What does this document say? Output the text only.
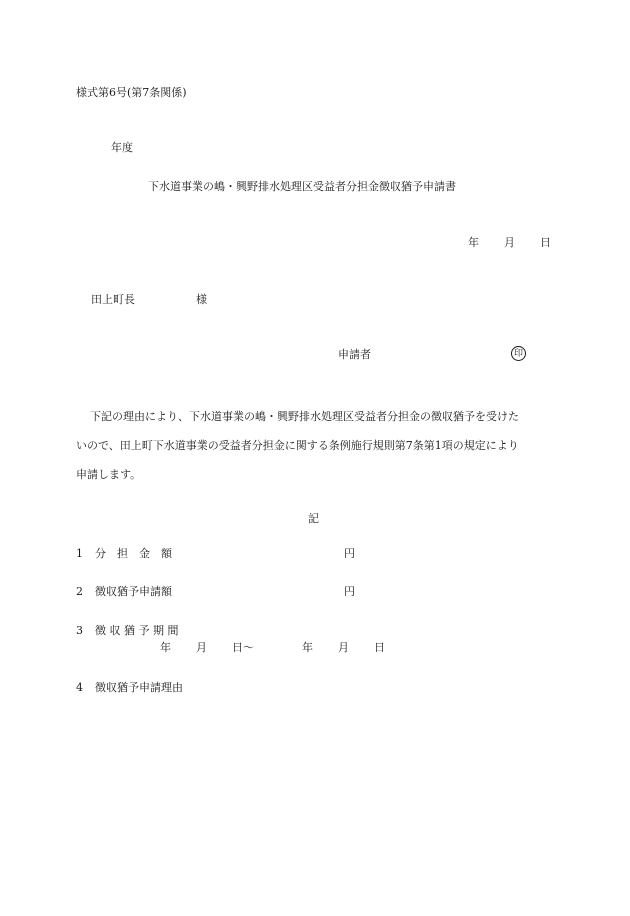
様式第6号(第7条関係)
年度
下水道事業の嶋・興野排水処理区受益者分担金徴収猶予申請書
年 月 日
田上町長	様
申請者	印
下記の理由により、下水道事業の嶋・興野排水処理区受益者分担金の徴収猶予を受けた
いので、田上町下水道事業の受益者分担金に関する条例施行規則第7条第1項の規定により
申請します。
記
1 分　担　金　額	円
2 徴収猶予申請額	円
3 徴 収 猶 予 期 間
年 月 日〜	年 月 日
4 徴収猶予申請理由
